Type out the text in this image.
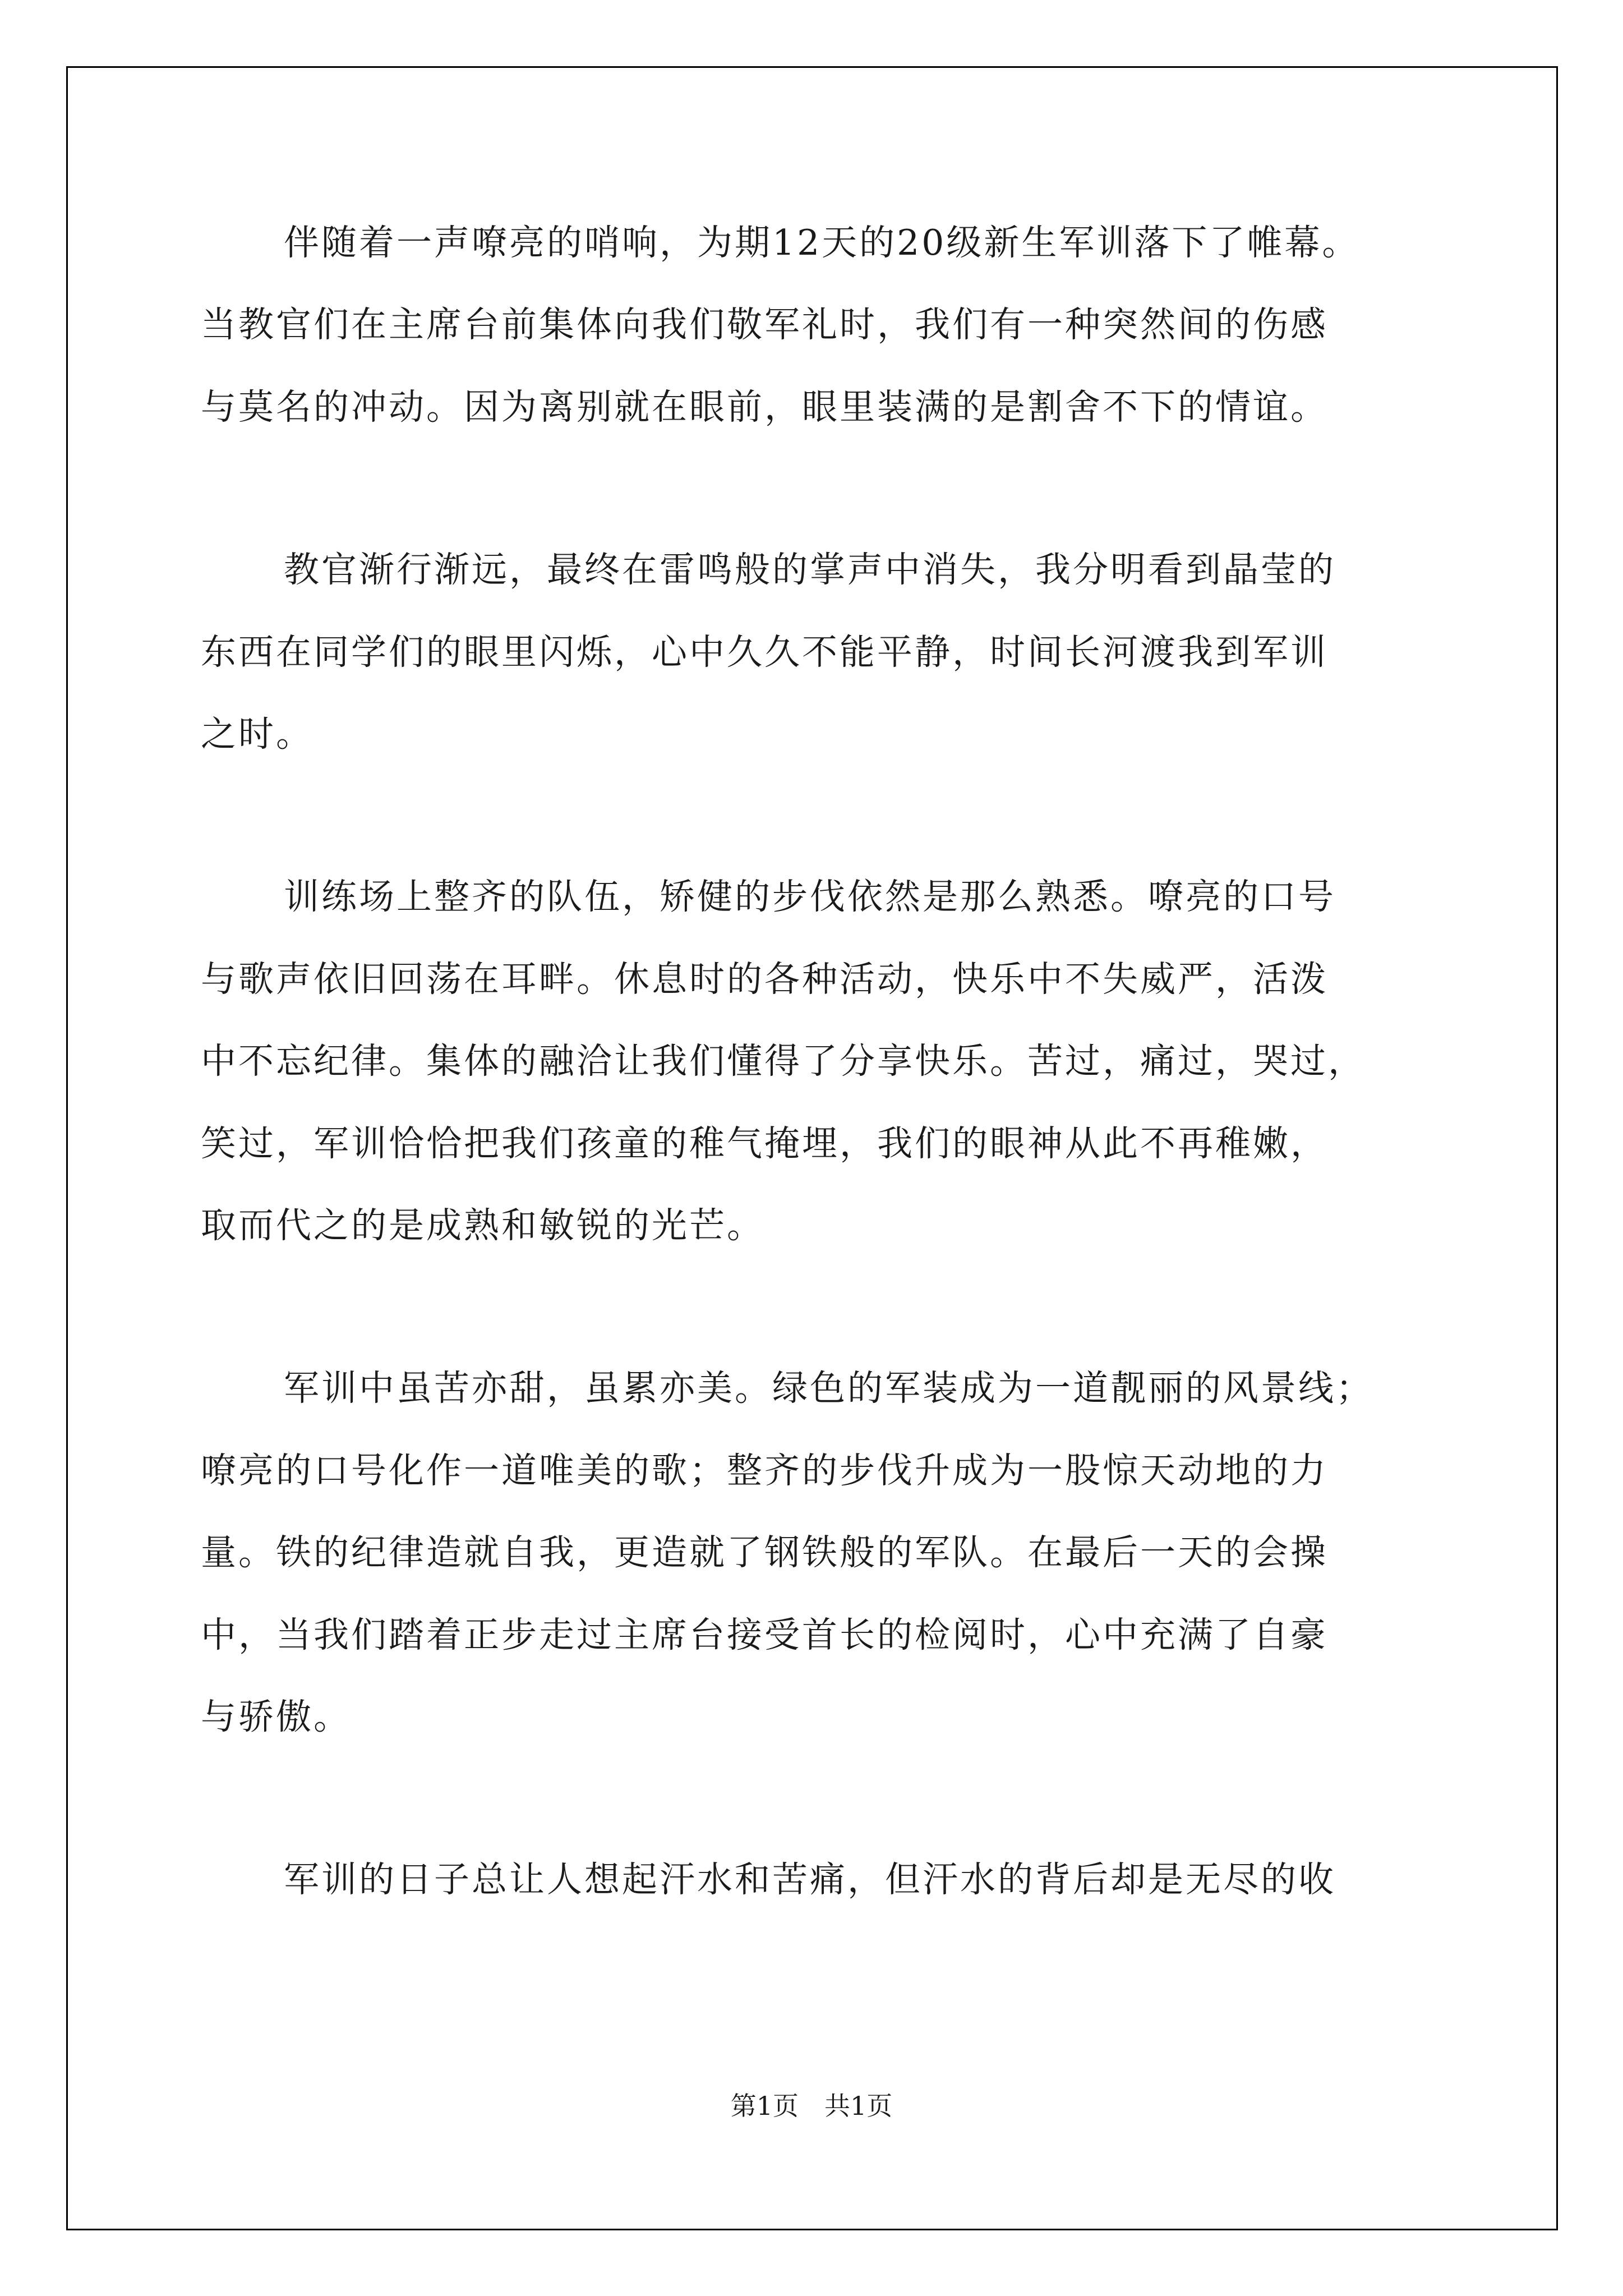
伴随着一声嘹亮的哨响，为期12天的20级新生军训落下了帷幕。
当教官们在主席台前集体向我们敬军礼时，我们有一种突然间的伤感
与莫名的冲动。因为离别就在眼前，眼里装满的是割舍不下的情谊。
教官渐行渐远，最终在雷鸣般的掌声中消失，我分明看到晶莹的
东西在同学们的眼里闪烁，心中久久不能平静，时间长河渡我到军训
之时。
训练场上整齐的队伍，矫健的步伐依然是那么熟悉。嘹亮的口号
与歌声依旧回荡在耳畔。休息时的各种活动，快乐中不失威严，活泼
中不忘纪律。集体的融洽让我们懂得了分享快乐。苦过，痛过，哭过，
笑过，军训恰恰把我们孩童的稚气掩埋，我们的眼神从此不再稚嫩，
取而代之的是成熟和敏锐的光芒。
军训中虽苦亦甜，虽累亦美。绿色的军装成为一道靓丽的风景线；
嘹亮的口号化作一道唯美的歌；整齐的步伐升成为一股惊天动地的力
量。铁的纪律造就自我，更造就了钢铁般的军队。在最后一天的会操
中，当我们踏着正步走过主席台接受首长的检阅时，心中充满了自豪
与骄傲。
军训的日子总让人想起汗水和苦痛，但汗水的背后却是无尽的收
第1页　共1页
